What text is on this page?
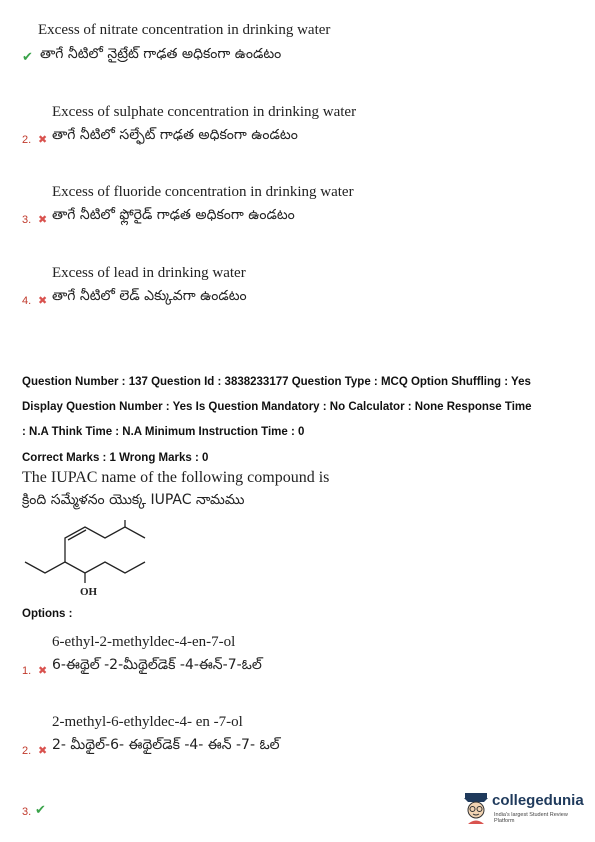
Excess of nitrate concentration in drinking water
✔ తాగే నీటిలో నైట్రేట్ గాఢత అధికంగా ఉండటం
Excess of sulphate concentration in drinking water
2. ✖ తాగే నీటిలో సల్ఫేట్ గాఢత అధికంగా ఉండటం
Excess of fluoride concentration in drinking water
3. ✖ తాగే నీటిలో ఫ్లోరైడ్ గాఢత అధికంగా ఉండటం
Excess of lead in drinking water
4. ✖ తాగే నీటిలో లెడ్ ఎక్కువగా ఉండటం
Question Number : 137 Question Id : 3838233177 Question Type : MCQ Option Shuffling : Yes
Display Question Number : Yes Is Question Mandatory : No Calculator : None Response Time
: N.A Think Time : N.A Minimum Instruction Time : 0
Correct Marks : 1 Wrong Marks : 0
The IUPAC name of the following compound is
క్రింది సమ్మేళనం యొక్క IUPAC నామము
OH
Options :
6-ethyl-2-methyldec-4-en-7-ol
1. ✖ 6-ఈథైల్ -2-మీథైల్‌డెక్ -4-ఈన్-7-ఓల్
2-methyl-6-ethyldec-4- en -7-ol
2. ✖ 2- మీథైల్-6- ఈథైల్‌డెక్ -4- ఈన్ -7- ఓల్
3. ✔
collegedunia
India's largest Student Review Platform
